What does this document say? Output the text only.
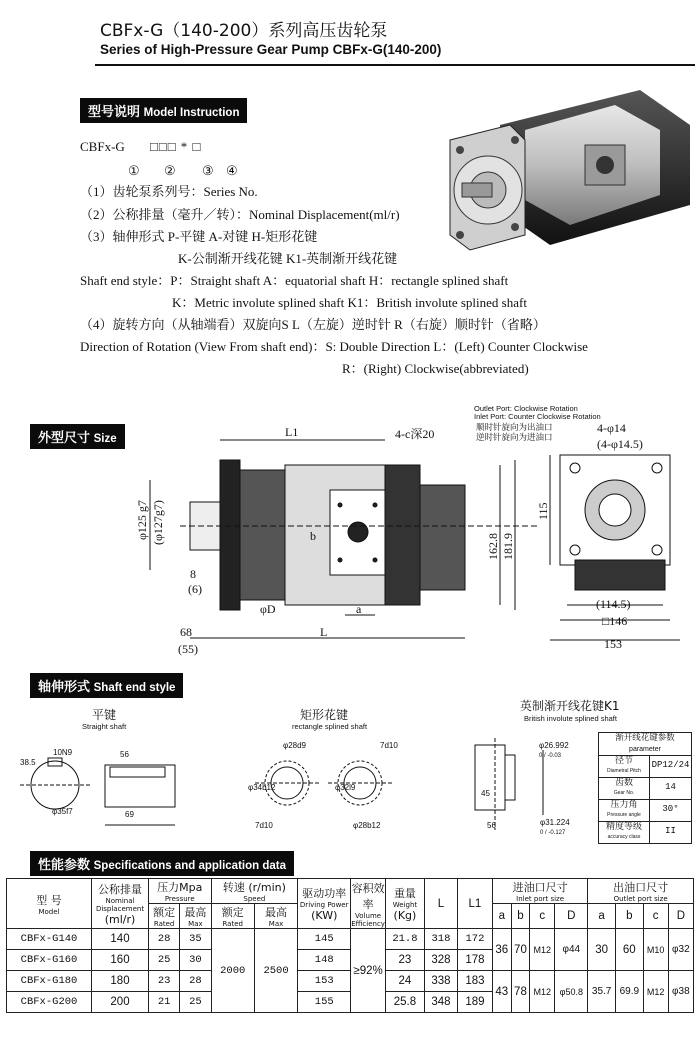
CBFx-G（140-200）系列高压齿轮泵
Series of High-Pressure Gear Pump CBFx-G(140-200)
型号说明 Model Instruction
CBFx-G □□□ * □
① ② ③ ④
（1）齿轮泵系列号：Series No.
（2）公称排量（毫升／转）：Nominal Displacement(ml/r)
（3）轴伸形式 P-平键 A-对键 H-矩形花键
K-公制渐开线花键 K1-英制渐开线花键
Shaft end style：P：Straight shaft A：equatorial shaft H：rectangle splined shaft
K：Metric involute splined shaft K1：British involute splined shaft
（4）旋转方向（从轴端看）双旋向S L（左旋）逆时针 R（右旋）顺时针（省略）
Direction of Rotation (View From shaft end)：S: Double Direction L：(Left) Counter Clockwise
R：(Right) Clockwise(abbreviated)
外型尺寸 Size
Outlet Port: Clockwise Rotation
Inlet Port: Counter Clockwise Rotation
顺时针旋向为出油口
逆时针旋向为进油口
L1	4-c深20	4-φ14
(4-φ14.5)
b
φD	a
L
8
(6)
68
(55)
(114.5)
□146
153
φ125 g7 (φ127g7)
162.8 181.9
115
轴伸形式 Shaft end style
平键
Straight shaft
矩形花键
rectangle splined shaft
英制渐开线花键K1
British involute splined shaft
10N9	56
38.5
φ35f7	69
φ28d9
φ34b12
7d10
φ32l9
7d10	φ28b12
φ26.992
0 / -0.03
45
56	φ31.224
0 / -0.127
渐开线花键参数
parameter
径节
Diametral Pitch
DP12/24
齿数
Gear No.
14
压力角
Pressure angle
30°
精度等级
accuracy class
II
性能参数 Specifications and application data
型 号
Model	公称排量
Nominal Displacement
(ml/r)	压力Mpa
Pressure		转速 (r/min)
Speed		驱动功率
Driving Power
(KW)	容积效率
Volume Efficiency	重量
Weight
(Kg)	L	L1	进油口尺寸
Inlet port size				出油口尺寸
Outlet port size			

		额定
Rated	最高
Max	额定
Rated	最高
Max						a	b	c	D	a	b	c	D

CBFx-G140	140	28	35	2000	2500	145	≥92%	21.8	318	172	36	70	M12	φ44	30	60	M10	φ32
CBFx-G160	160	25	30			148		23	328	178								
CBFx-G180	180	23	28			153		24	338	183	43	78	M12	φ50.8	35.7	69.9	M12	φ38
CBFx-G200	200	21	25			155		25.8	348	189								
